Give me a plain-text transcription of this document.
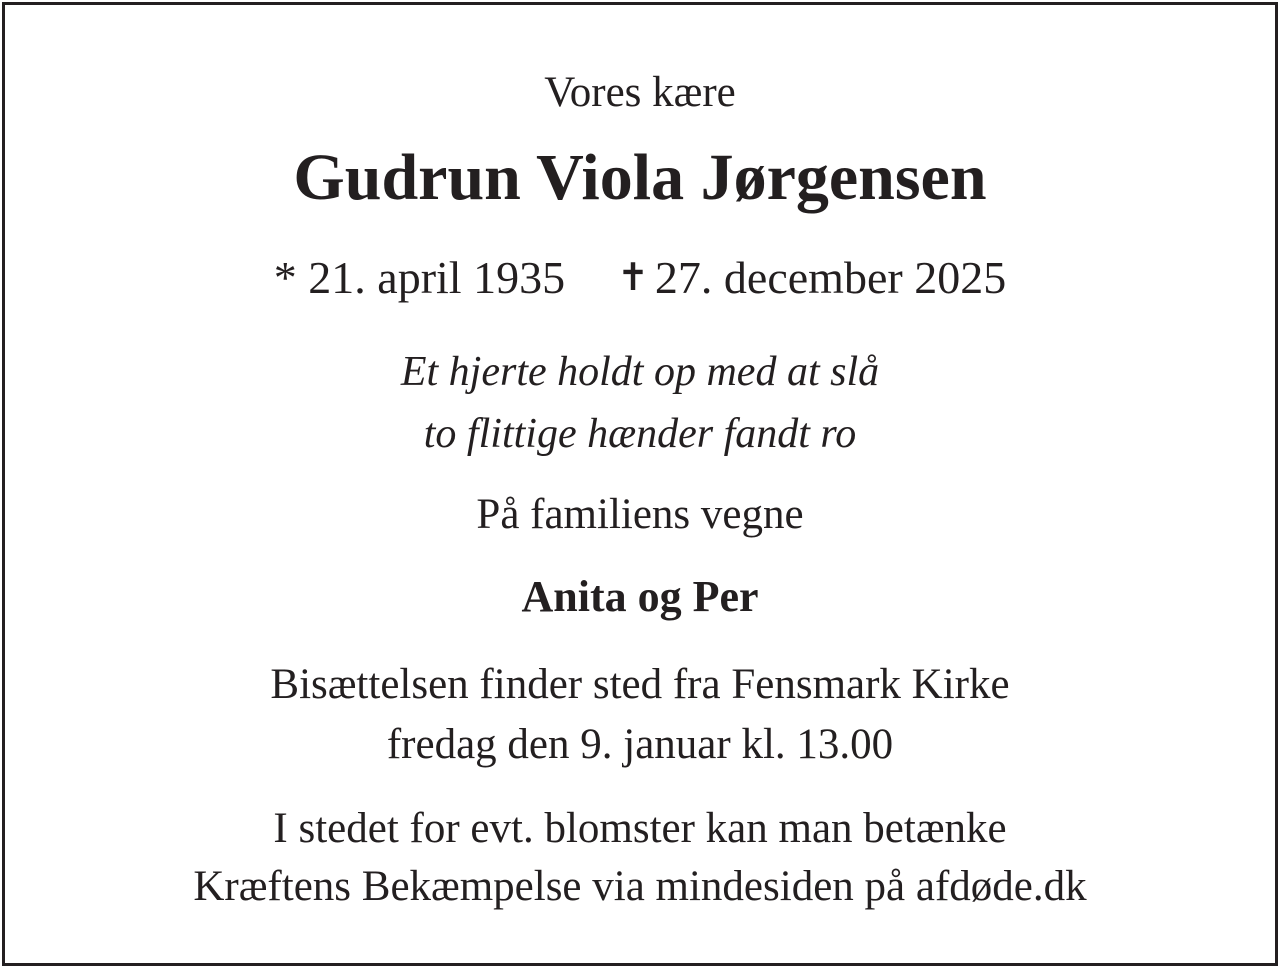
Vores kære
Gudrun Viola Jørgensen
* 21. april 1935 ✝ 27. december 2025
Et hjerte holdt op med at slå
to flittige hænder fandt ro
På familiens vegne
Anita og Per
Bisættelsen finder sted fra Fensmark Kirke
fredag den 9. januar kl. 13.00
I stedet for evt. blomster kan man betænke
Kræftens Bekæmpelse via mindesiden på afdøde.dk
